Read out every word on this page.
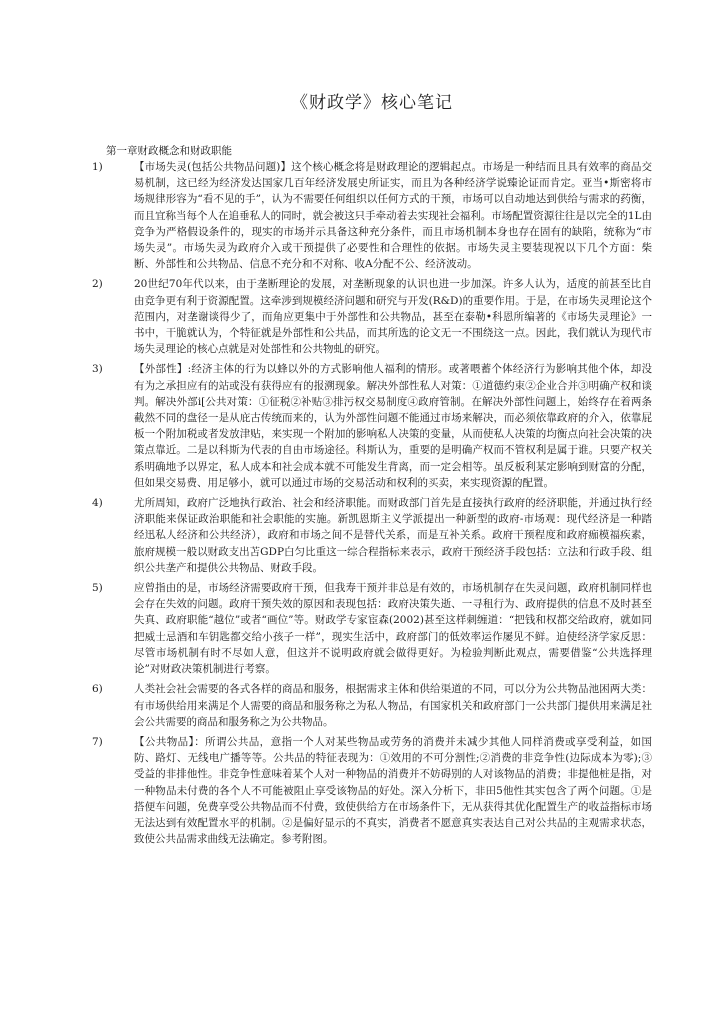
《财政学》核心笔记

第一章财政概念和财政职能

1)	【市场失灵(包括公共物品问题)】这个核心概念将是财政理论的逻辑起点。市场是一种结而且具有效率的商品交易机制，这已经为经济发达国家几百年经济发展史所证实，而且为各种经济学说臻论证而肯定。亚当•斯密将市场规律形容为“看不见的手”，认为不需要任何组织以任何方式的干预，市场可以自动地达到供给与需求的药衡，而且宜称当每个人在追垂私人的同时，就会被这只手牵动着去实现社会福利。市场配置资源往往是以完全的1L由竞争为严格假设条件的，现实的市场并示具备这种充分条件，而且市场机制本身也存在固有的缺陷，统称为“市场失灵”。市场失灵为政府介入或干预提供了必要性和合理性的依据。市场失灵主要装现祝以下几个方面：柴断、外部性和公共物品、信息不充分和不对称、收A分配不公、经济波动。
2)	20世纪70年代以来，由于垄断理论的发展，对垄断现象的认识也进一步加深。许多人认为，适度的前甚至比自由竞争更有利于资源配置。这牵涉到规模经济问题和研究与开发(R&D)的重要作用。于是，在市场失灵理论这个范围内，对垄谢谈得少了，而角应更集中于外部性和公共物品，甚至在泰勒•科恩所编著的《市场失灵理论》一书中，干脆就认为，个特征就是外部性和公共品，而其所选的论文无一不围绕这一点。因此，我们就认为现代市场失灵理论的核心点就是对处部性和公共物虬的研究。
3)	【外部性】:经济主体的行为以蜂以外的方式影响他人福利的情形。或著喂蓄个体经济行为影响其他个体，却没有为之承担应有的站或没有获得应有的报溯现象。解决外部性私人对策：①道德约束②企业合并③明确产权和谈判。解决外部i[公共对策：①征税②补贴③排污权交易制度④政府管制。在解决外部性问题上，始终存在着两条截然不同的盘径一是从庇古传统而来的，认为外部性问题不能通过市场来解决，而必须依靠政府的介入，依靠屁板一个附加税或者发放津贴，来实现一个附加的影响私人决策的变量，从而使私人决策的均衡点向社会决策的决策点靠近。二是以科斯为代表的自由市场途径。科斯认为，重要的是明确产权而不管权利是属于谁。只要产权关系明确地予以界定，私人成本和社会成本就不可能发生背离，而一定会相等。虽反板利某定影响到财富的分配，但如果交易费、用足够小，就可以通过市场的交易活动和权利的买卖，来实现资源的配置。
4)	尤所周知，政府广泛地执行政治、社会和经济职能。而财政部门首先是直接执行政府的经济职能，并通过执行经济职能来保证政治职能和社会职能的实施。新凯恩斯主义学派提出一种新型的政府-市场观：现代经济是一种踏经迅私人经济和公共经济），政府和市场之间不是替代关系，而是互补关系。政府干预程度和政府痂模福疾素，旅府规模一般以财政支出苫GDP白匀比重这一综合程指标来表示，政府干预经济手段包括：立法和行政手段、组织公共垄产和提供公共物品、财政手段。
5)	应曾指由的是，市场经济需要政府干预，但我寿干预并非总是有效的，市场机制存在失灵问题，政府机制同样也会存在失效的问题。政府干预失效的原因和表现包括：政府决策失逝、一寻租行为、政府提供的信息不及时甚至失真、政府职能“越位”或者“画位”等。财政学专家宦森(2002)甚至这样刺缠道：“把钱和权都交给政府，就如同把威士忌酒和车钥匙都交给小孩子一样”，现实生活中，政府部门的低效率运作屡见不鲜。迫使经济学家反思：尽管市场机制有时不尽如人意，但这并不说明政府就会做得更好。为检验判断此观点，需要借鉴“公共选择理论”对财政决策机制进行考察。
6)	人类社会社会需要的各式各样的商品和服务，根据需求主体和供给渠道的不同，可以分为公共物品池困两大类：有市场供给用来满足个人需要的商品和服务称之为私人物品，有国家机关和政府部门一公共部门提供用来满足社会公共需要的商品和服务称之为公共物品。
7)	【公共物品】：所谓公共品，意指一个人对某些物品或劳务的消费并未减少其他人同样消费或享受利益，如国防、路灯、无线电广播等等。公共品的特征表现为：①效用的不可分割性;②消费的非竞争性(边际成本为零);③受益的非排他性。非竞争性意味着某个人对一种物品的消费并不妨碍别的人对该物品的消费；非提他桩是指，对一种物品未付费的各个人不可能被阻止享受该物品的好处。深入分析下，非田5他性其实包含了两个问题。①是搭便车问题，免费享受公共物品而不付费，致使供给方在市场条件下，无从获得其优化配置生产的收益指标市场无法达到有效配置水平的机制。②是偏好显示的不真实，消费者不愿意真实表达自己对公共品的主观需求状态，致使公共品需求曲线无法确定。参考附图。
